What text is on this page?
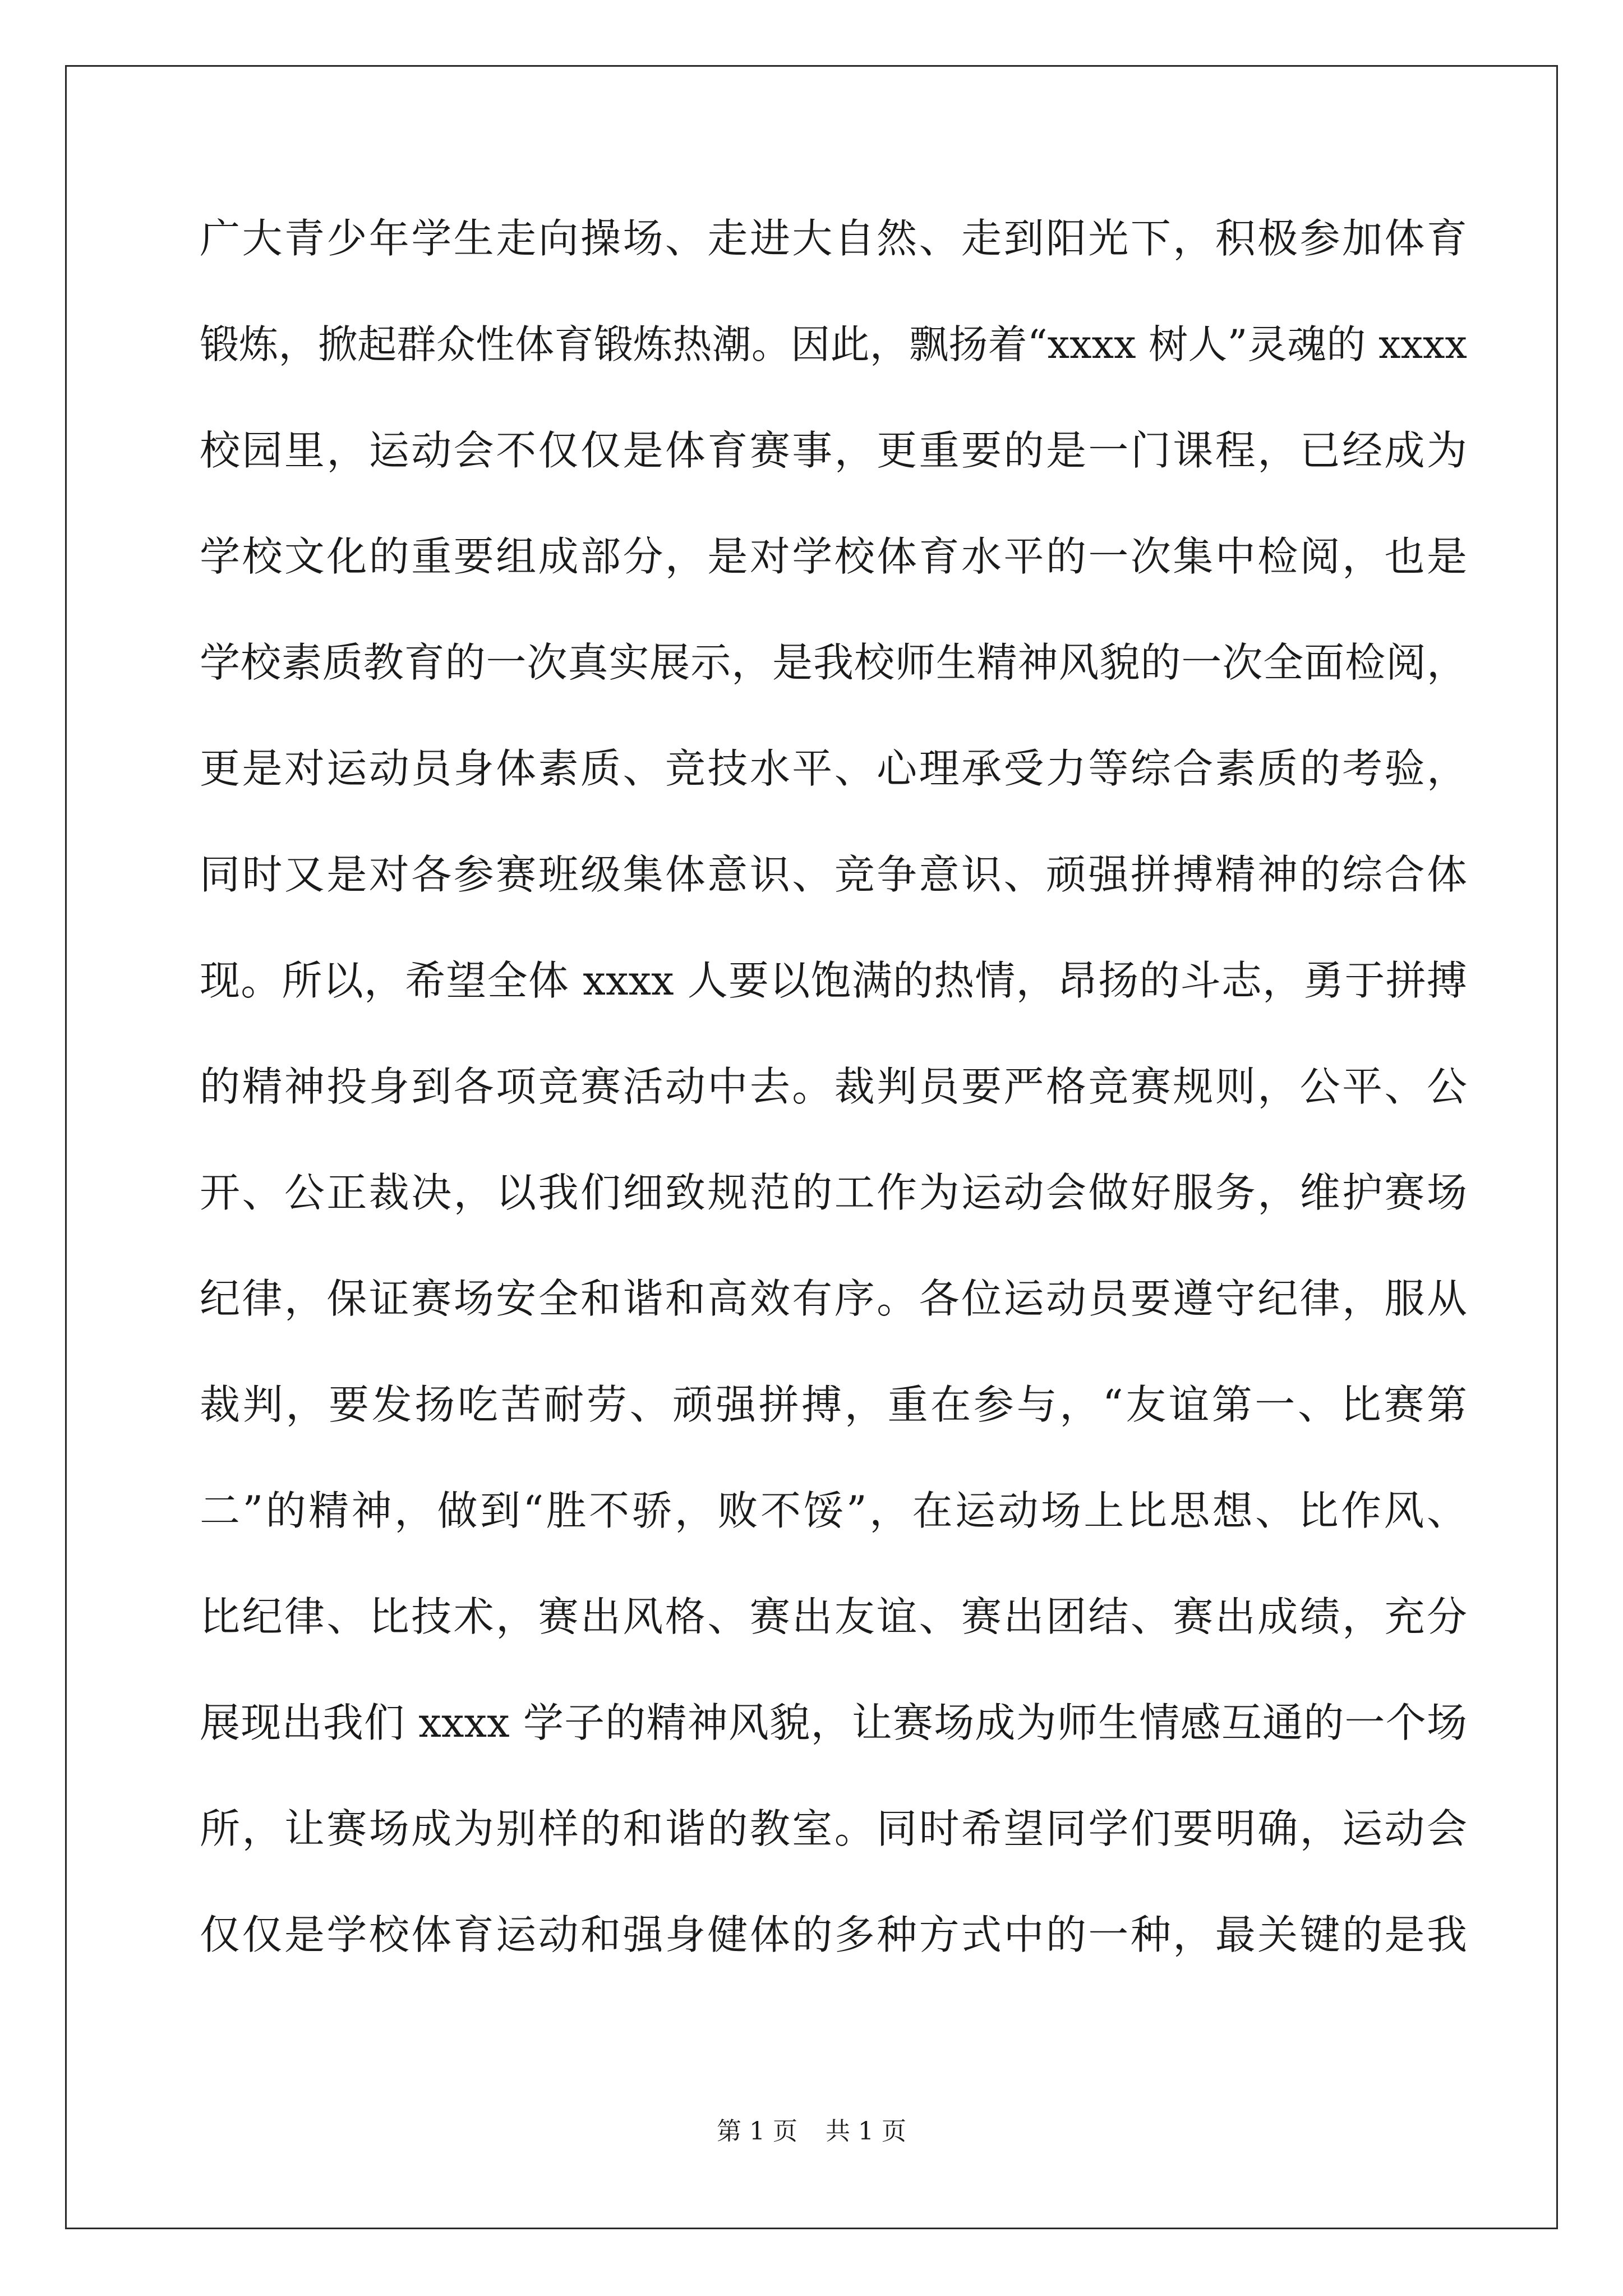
广大青少年学生走向操场、走进大自然、走到阳光下，积极参加体育
锻炼，掀起群众性体育锻炼热潮。因此，飘扬着“xxxx 树人”灵魂的 xxxx
校园里，运动会不仅仅是体育赛事，更重要的是一门课程，已经成为
学校文化的重要组成部分，是对学校体育水平的一次集中检阅，也是
学校素质教育的一次真实展示，是我校师生精神风貌的一次全面检阅，
更是对运动员身体素质、竞技水平、心理承受力等综合素质的考验，
同时又是对各参赛班级集体意识、竞争意识、顽强拼搏精神的综合体
现。所以，希望全体 xxxx 人要以饱满的热情，昂扬的斗志，勇于拼搏
的精神投身到各项竞赛活动中去。裁判员要严格竞赛规则，公平、公
开、公正裁决，以我们细致规范的工作为运动会做好服务，维护赛场
纪律，保证赛场安全和谐和高效有序。各位运动员要遵守纪律，服从
裁判，要发扬吃苦耐劳、顽强拼搏，重在参与，“友谊第一、比赛第
二”的精神，做到“胜不骄，败不馁”，在运动场上比思想、比作风、
比纪律、比技术，赛出风格、赛出友谊、赛出团结、赛出成绩，充分
展现出我们 xxxx 学子的精神风貌，让赛场成为师生情感互通的一个场
所，让赛场成为别样的和谐的教室。同时希望同学们要明确，运动会
仅仅是学校体育运动和强身健体的多种方式中的一种，最关键的是我
第 1 页 共 1 页
